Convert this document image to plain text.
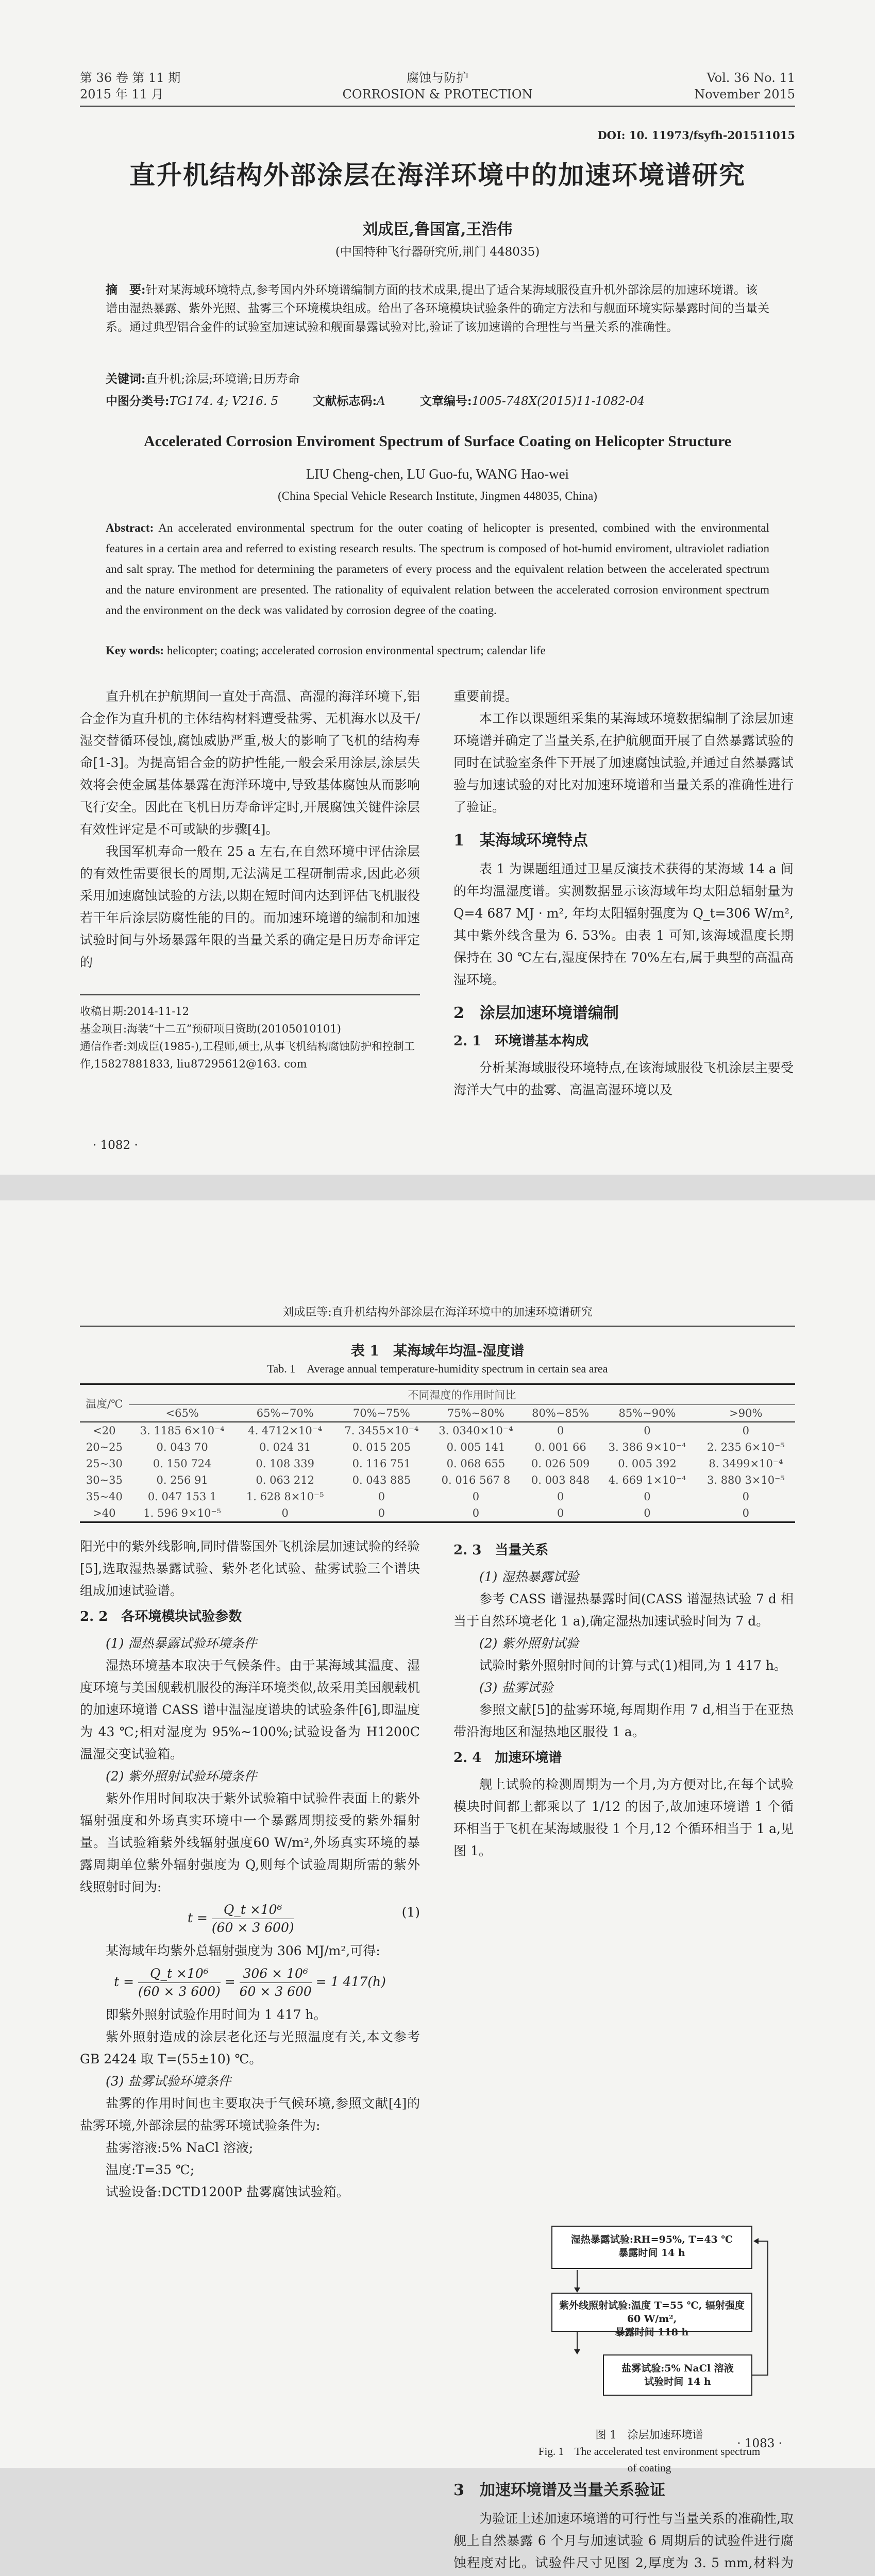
第 36 卷 第 11 期
2015 年 11 月
腐蚀与防护
CORROSION & PROTECTION
Vol. 36 No. 11
November 2015
DOI: 10. 11973/fsyfh-201511015
直升机结构外部涂层在海洋环境中的加速环境谱研究
刘成臣,鲁国富,王浩伟
(中国特种飞行器研究所,荆门 448035)
摘　要:针对某海域环境特点,参考国内外环境谱编制方面的技术成果,提出了适合某海域服役直升机外部涂层的加速环境谱。该谱由湿热暴露、紫外光照、盐雾三个环境模块组成。给出了各环境模块试验条件的确定方法和与舰面环境实际暴露时间的当量关系。通过典型铝合金件的试验室加速试验和舰面暴露试验对比,验证了该加速谱的合理性与当量关系的准确性。
关键词:直升机;涂层;环境谱;日历寿命
中图分类号:TG174. 4; V216. 5	文献标志码:A	文章编号:1005-748X(2015)11-1082-04
Accelerated Corrosion Enviroment Spectrum of Surface Coating on Helicopter Structure
LIU Cheng-chen, LU Guo-fu, WANG Hao-wei
(China Special Vehicle Research Institute, Jingmen 448035, China)
Abstract: An accelerated environmental spectrum for the outer coating of helicopter is presented, combined with the environmental features in a certain area and referred to existing research results. The spectrum is composed of hot-humid enviroment, ultraviolet radiation and salt spray. The method for determining the parameters of every process and the equivalent relation between the accelerated spectrum and the nature environment are presented. The rationality of equivalent relation between the accelerated corrosion environment spectrum and the environment on the deck was validated by corrosion degree of the coating.
Key words: helicopter; coating; accelerated corrosion environmental spectrum; calendar life

直升机在护航期间一直处于高温、高湿的海洋环境下,铝合金作为直升机的主体结构材料遭受盐雾、无机海水以及干/湿交替循环侵蚀,腐蚀威胁严重,极大的影响了飞机的结构寿命[1-3]。为提高铝合金的防护性能,一般会采用涂层,涂层失效将会使金属基体暴露在海洋环境中,导致基体腐蚀从而影响飞行安全。因此在飞机日历寿命评定时,开展腐蚀关键件涂层有效性评定是不可或缺的步骤[4]。

我国军机寿命一般在 25 a 左右,在自然环境中评估涂层的有效性需要很长的周期,无法满足工程研制需求,因此必须采用加速腐蚀试验的方法,以期在短时间内达到评估飞机服役若干年后涂层防腐性能的目的。而加速环境谱的编制和加速试验时间与外场暴露年限的当量关系的确定是日历寿命评定的

重要前提。

本工作以课题组采集的某海域环境数据编制了涂层加速环境谱并确定了当量关系,在护航舰面开展了自然暴露试验的同时在试验室条件下开展了加速腐蚀试验,并通过自然暴露试验与加速试验的对比对加速环境谱和当量关系的准确性进行了验证。

1　某海域环境特点

表 1 为课题组通过卫星反演技术获得的某海域 14 a 间的年均温湿度谱。实测数据显示该海域年均太阳总辐射量为 Q=4 687 MJ · m², 年均太阳辐射强度为 Q_t=306 W/m², 其中紫外线含量为 6. 53%。由表 1 可知,该海域温度长期保持在 30 ℃左右,湿度保持在 70%左右,属于典型的高温高湿环境。

2　涂层加速环境谱编制
2. 1　环境谱基本构成

分析某海域服役环境特点,在该海域服役飞机涂层主要受海洋大气中的盐雾、高温高湿环境以及

收稿日期:2014-11-12
基金项目:海装“十二五”预研项目资助(20105010101)
通信作者:刘成臣(1985-),工程师,硕士,从事飞机结构腐蚀防护和控制工作,15827881833, liu87295612@163. com
· 1082 ·
刘成臣等:直升机结构外部涂层在海洋环境中的加速环境谱研究
表 1　某海域年均温-湿度谱
Tab. 1　Average annual temperature-humidity spectrum in certain sea area
温度/℃	不同湿度的作用时间比						
	<65%	65%~70%	70%~75%	75%~80%	80%~85%	85%~90%	>90%
<20	3. 1185 6×10⁻⁴	4. 4712×10⁻⁴	7. 3455×10⁻⁴	3. 0340×10⁻⁴	0	0	0
20~25	0. 043 70	0. 024 31	0. 015 205	0. 005 141	0. 001 66	3. 386 9×10⁻⁴	2. 235 6×10⁻⁵
25~30	0. 150 724	0. 108 339	0. 116 751	0. 068 655	0. 026 509	0. 005 392	8. 3499×10⁻⁴
30~35	0. 256 91	0. 063 212	0. 043 885	0. 016 567 8	0. 003 848	4. 669 1×10⁻⁴	3. 880 3×10⁻⁵
35~40	0. 047 153 1	1. 628 8×10⁻⁵	0	0	0	0	0
>40	1. 596 9×10⁻⁵	0	0	0	0	0	0

阳光中的紫外线影响,同时借鉴国外飞机涂层加速试验的经验[5],选取湿热暴露试验、紫外老化试验、盐雾试验三个谱块组成加速试验谱。

2. 2　各环境模块试验参数

(1) 湿热暴露试验环境条件

湿热环境基本取决于气候条件。由于某海域其温度、湿度环境与美国舰载机服役的海洋环境类似,故采用美国舰载机的加速环境谱 CASS 谱中温湿度谱块的试验条件[6],即温度为 43 ℃;相对湿度为 95%~100%;试验设备为 H1200C 温湿交变试验箱。

(2) 紫外照射试验环境条件

紫外作用时间取决于紫外试验箱中试验件表面上的紫外辐射强度和外场真实环境中一个暴露周期接受的紫外辐射量。当试验箱紫外线辐射强度60 W/m²,外场真实环境的暴露周期单位紫外辐射强度为 Q,则每个试验周期所需的紫外线照射时间为:

$t = \frac{\text{Q\_t ×10⁶}}{(60 \times 3 600)}$	(1)

某海域年均紫外总辐射强度为 306 MJ/m²,可得:

$t = \frac{\text{Q\_t ×10⁶}}{(60 \times 3 600)} = \frac{\text{306 × 10⁶}}{60 \times 3 600} = 1$ 417(h)

即紫外照射试验作用时间为 1 417 h。

紫外照射造成的涂层老化还与光照温度有关,本文参考 GB 2424 取 T=(55±10) ℃。

(3) 盐雾试验环境条件

盐雾的作用时间也主要取决于气候环境,参照文献[4]的盐雾环境,外部涂层的盐雾环境试验条件为:

盐雾溶液:5% NaCl 溶液;

温度:T=35 ℃;

试验设备:DCTD1200P 盐雾腐蚀试验箱。

2. 3　当量关系

(1) 湿热暴露试验

参考 CASS 谱湿热暴露时间(CASS 谱湿热试验 7 d 相当于自然环境老化 1 a),确定湿热加速试验时间为 7 d。

(2) 紫外照射试验

试验时紫外照射时间的计算与式(1)相同,为 1 417 h。

(3) 盐雾试验

参照文献[5]的盐雾环境,每周期作用 7 d,相当于在亚热带沿海地区和湿热地区服役 1 a。

2. 4　加速环境谱

舰上试验的检测周期为一个月,为方便对比,在每个试验模块时间都上都乘以了 1/12 的因子,故加速环境谱 1 个循环相当于飞机在某海域服役 1 个月,12 个循环相当于 1 a,见图 1。

湿热暴露试验:RH=95%, T=43 ℃
暴露时间 14 h
紫外线照射试验:温度 T=55 ℃, 辐射强度 60 W/m²,
暴露时间 118 h
盐雾试验:5% NaCl 溶液
试验时间 14 h
图 1　涂层加速环境谱
Fig. 1　The accelerated test environment spectrum
of coating
3　加速环境谱及当量关系验证

为验证上述加速环境谱的可行性与当量关系的准确性,取舰上自然暴露 6 个月与加速试验 6 周期后的试验件进行腐蚀程度对比。试验件尺寸见图 2,厚度为 3. 5 mm,材料为

· 1083 ·
